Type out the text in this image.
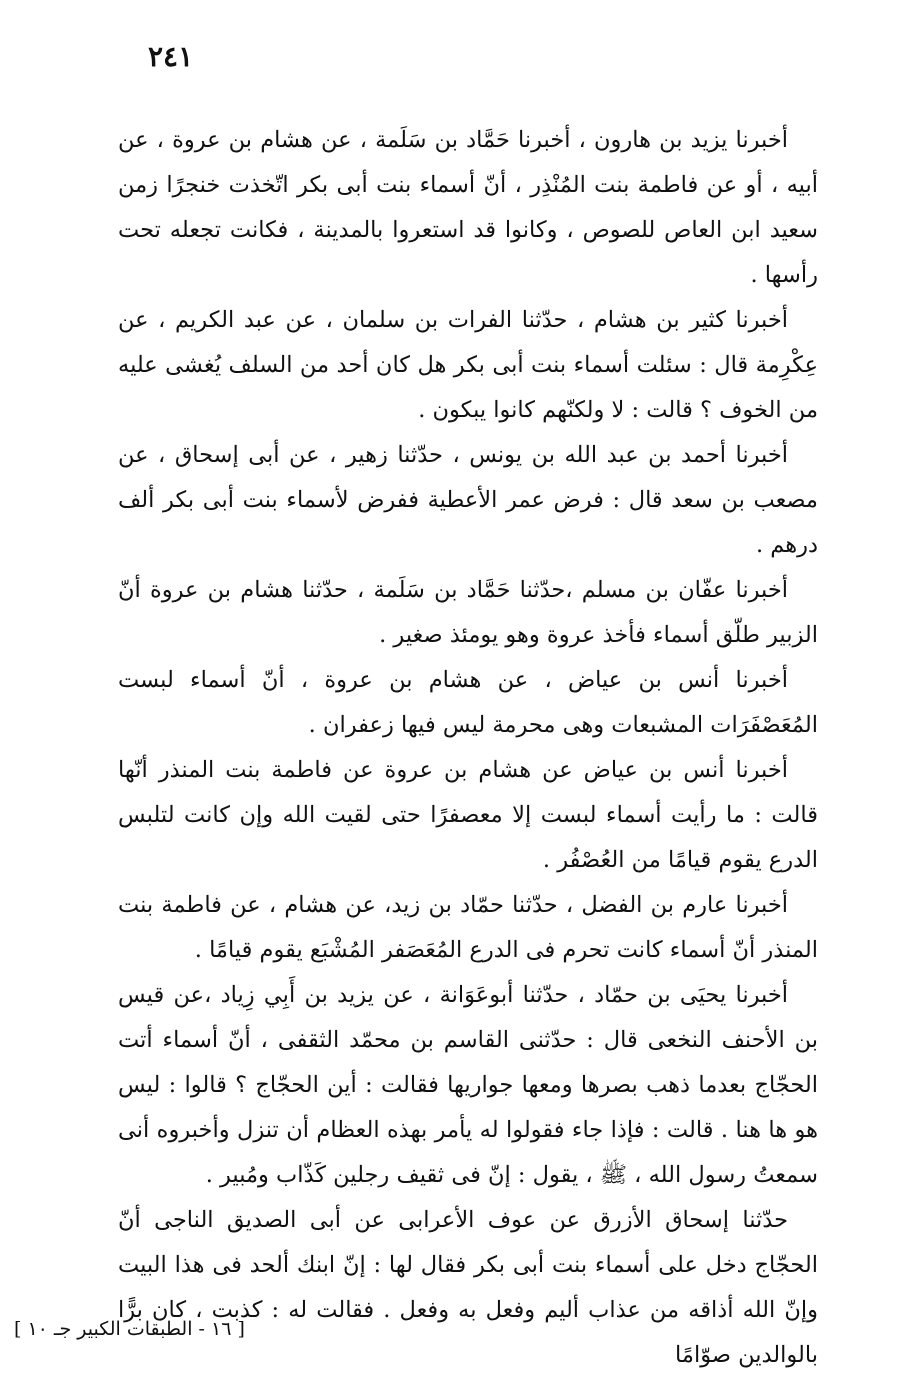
٢٤١

أخبرنا يزيد بن هارون ، أخبرنا حَمَّاد بن سَلَمة ، عن هشام بن عروة ، عن أبيه ، أو عن فاطمة بنت المُنْذِر ، أنّ أسماء بنت أبى بكر اتّخذت خنجرًا زمن سعيد ابن العاص للصوص ، وكانوا قد استعروا بالمدينة ، فكانت تجعله تحت رأسها .

أخبرنا كثير بن هشام ، حدّثنا الفرات بن سلمان ، عن عبد الكريم ، عن عِكْرِمة قال : سئلت أسماء بنت أبى بكر هل كان أحد من السلف يُغشى عليه من الخوف ؟ قالت : لا ولكنّهم كانوا يبكون .

أخبرنا أحمد بن عبد الله بن يونس ، حدّثنا زهير ، عن أبى إسحاق ، عن مصعب بن سعد قال : فرض عمر الأعطية ففرض لأسماء بنت أبى بكر ألف درهم .

أخبرنا عفّان بن مسلم ،حدّثنا حَمَّاد بن سَلَمة ، حدّثنا هشام بن عروة أنّ الزبير طلّق أسماء فأخذ عروة وهو يومئذ صغير .

أخبرنا أنس بن عياض ، عن هشام بن عروة ، أنّ أسماء لبست المُعَصْفَرَات المشبعات وهى محرمة ليس فيها زعفران .

أخبرنا أنس بن عياض عن هشام بن عروة عن فاطمة بنت المنذر أنّها قالت : ما رأيت أسماء لبست إلا معصفرًا حتى لقيت الله وإن كانت لتلبس الدرع يقوم قيامًا من العُصْفُر .

أخبرنا عارم بن الفضل ، حدّثنا حمّاد بن زيد، عن هشام ، عن فاطمة بنت المنذر أنّ أسماء كانت تحرم فى الدرع المُعَصَفر المُشْبَع يقوم قيامًا .

أخبرنا يحيَى بن حمّاد ، حدّثنا أبوعَوَانة ، عن يزيد بن أَبِي زِياد ،عن قيس بن الأحنف النخعى قال : حدّثنى القاسم بن محمّد الثقفى ، أنّ أسماء أتت الحجّاج بعدما ذهب بصرها ومعها جواريها فقالت : أين الحجّاج ؟ قالوا : ليس هو ها هنا . قالت : فإذا جاء فقولوا له يأمر بهذه العظام أن تنزل وأخبروه أنى سمعتُ رسول الله ، ﷺ ، يقول : إنّ فى ثقيف رجلين كَذّاب ومُبير .

حدّثنا إسحاق الأزرق عن عوف الأعرابى عن أبى الصديق الناجى أنّ الحجّاج دخل على أسماء بنت أبى بكر فقال لها : إنّ ابنك ألحد فى هذا البيت وإنّ الله أذاقه من عذاب أليم وفعل به وفعل . فقالت له : كذبت ، كان برًّا بالوالدين صوّامًا

[ ١٦ - الطبقات الكبير جـ ١٠ ]
